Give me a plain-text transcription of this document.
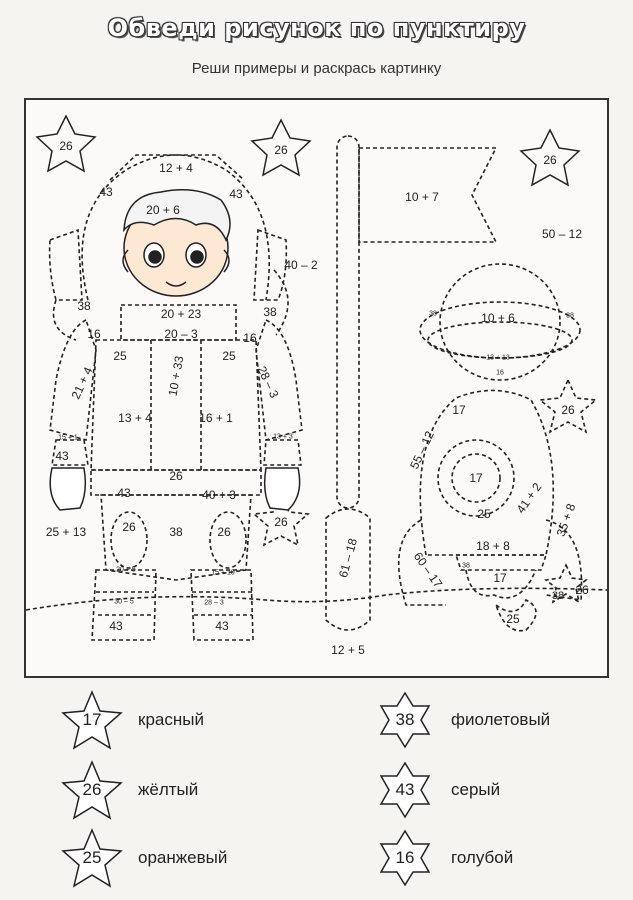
Обведи рисунок по пунктиру
Реши примеры и раскрась картинку
26	26
26
26
26
26
12 + 4
43	43
20 + 6
20 + 23
20 – 3
38	38
16	16
25	25
21 + 4	10 + 33	28 – 3
13 + 4	16 + 1
15 + 1	13 + 3
43
26
43	40 + 3
26	38	26
20 + 5	15 + 10
30 – 5	28 – 3
43	43
25 + 13
10 + 7
40 – 2
61 – 18
12 + 5
50 – 12
10 + 6
38	38
13 + 13
16
17
55 – 12
17
25 41 + 2
35 + 8
18 + 8
60 – 17 38
17
25
38
17	красный	38	фиолетовый
26	жёлтый	43	серый
25	оранжевый	16	голубой
